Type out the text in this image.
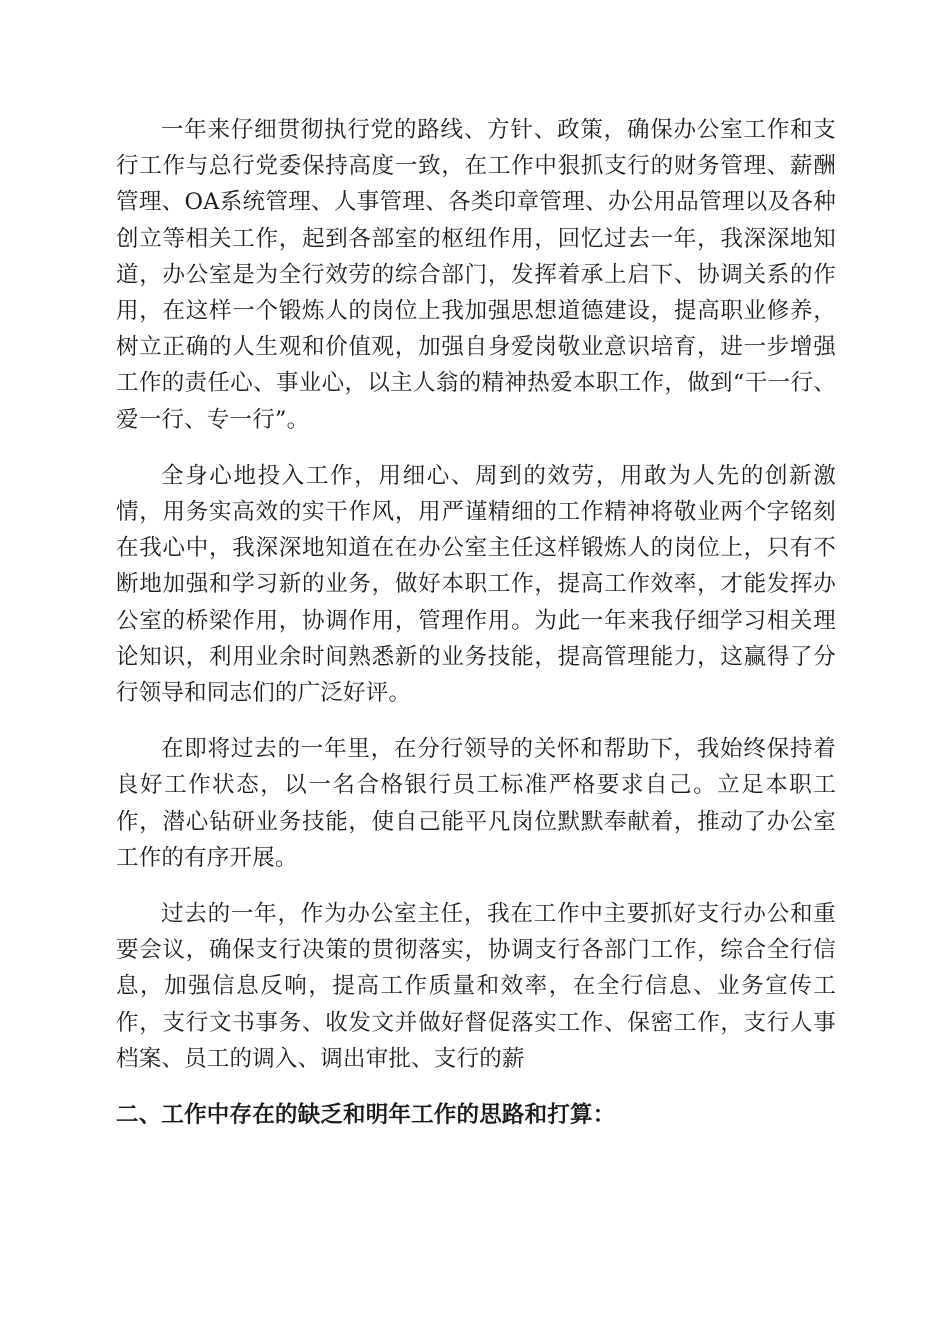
一年来仔细贯彻执行党的路线、方针、政策，确保办公室工作和支行工作与总行党委保持高度一致，在工作中狠抓支行的财务管理、薪酬管理、OA系统管理、人事管理、各类印章管理、办公用品管理以及各种创立等相关工作，起到各部室的枢纽作用，回忆过去一年，我深深地知道，办公室是为全行效劳的综合部门，发挥着承上启下、协调关系的作用，在这样一个锻炼人的岗位上我加强思想道德建设，提高职业修养，树立正确的人生观和价值观，加强自身爱岗敬业意识培育，进一步增强工作的责任心、事业心，以主人翁的精神热爱本职工作，做到“干一行、爱一行、专一行”。

全身心地投入工作，用细心、周到的效劳，用敢为人先的创新激情，用务实高效的实干作风，用严谨精细的工作精神将敬业两个字铭刻在我心中，我深深地知道在在办公室主任这样锻炼人的岗位上，只有不断地加强和学习新的业务，做好本职工作，提高工作效率，才能发挥办公室的桥梁作用，协调作用，管理作用。为此一年来我仔细学习相关理论知识，利用业余时间熟悉新的业务技能，提高管理能力，这赢得了分行领导和同志们的广泛好评。

在即将过去的一年里，在分行领导的关怀和帮助下，我始终保持着良好工作状态，以一名合格银行员工标准严格要求自己。立足本职工作，潜心钻研业务技能，使自己能平凡岗位默默奉献着，推动了办公室工作的有序开展。

过去的一年，作为办公室主任，我在工作中主要抓好支行办公和重要会议，确保支行决策的贯彻落实，协调支行各部门工作，综合全行信息，加强信息反响，提高工作质量和效率，在全行信息、业务宣传工作，支行文书事务、收发文并做好督促落实工作、保密工作，支行人事档案、员工的调入、调出审批、支行的薪

二、工作中存在的缺乏和明年工作的思路和打算：
